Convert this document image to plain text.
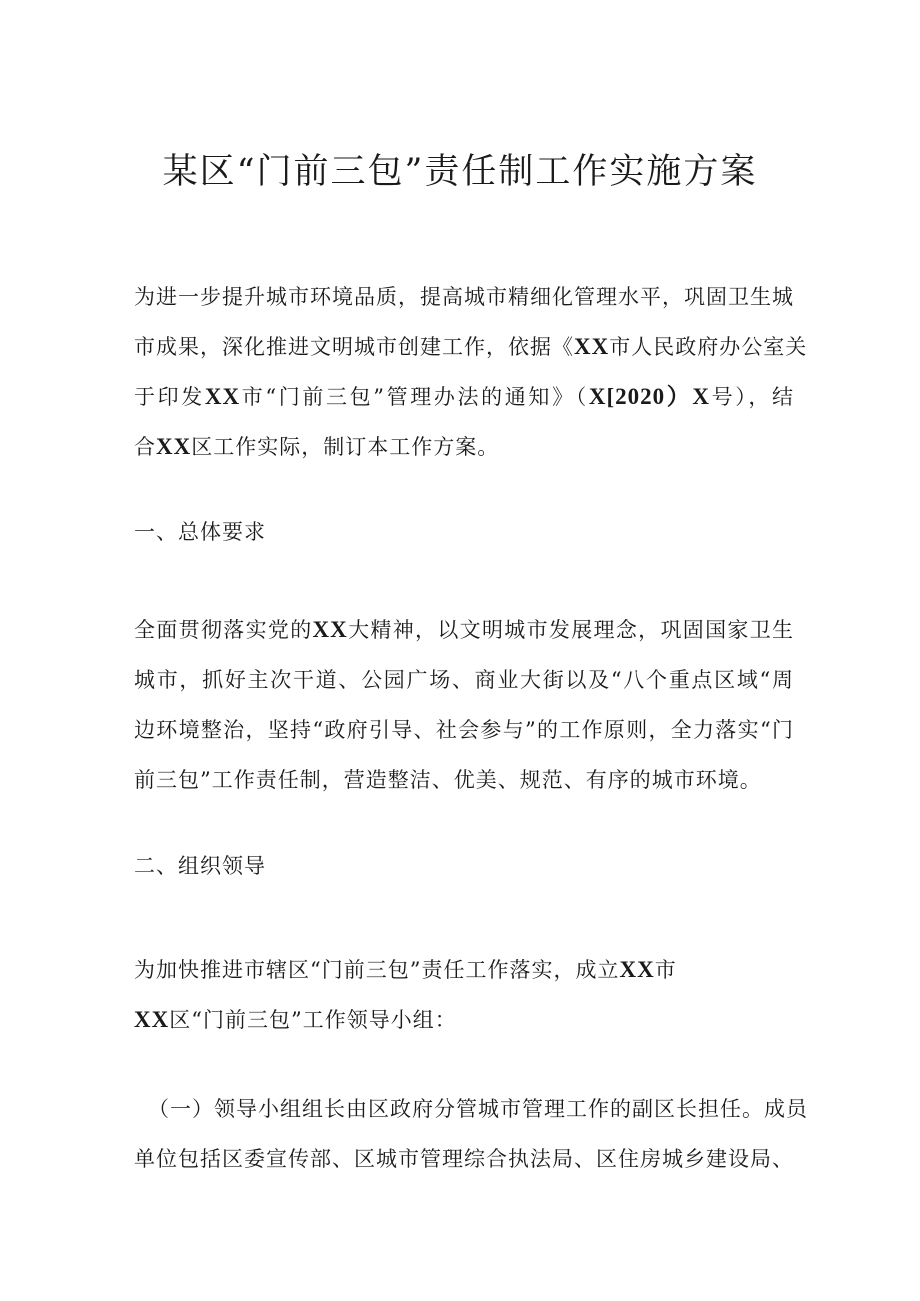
某区“门前三包”责任制工作实施方案
为进一步提升城市环境品质，提高城市精细化管理水平，巩固卫生城
市成果，深化推进文明城市创建工作，依据《XX市人民政府办公室关
于印发XX市“门前三包”管理办法的通知》（X[2020）X号），结
合XX区工作实际，制订本工作方案。
一、总体要求
全面贯彻落实党的XX大精神，以文明城市发展理念，巩固国家卫生
城市，抓好主次干道、公园广场、商业大街以及“八个重点区域“周
边环境整治，坚持“政府引导、社会参与”的工作原则，全力落实“门
前三包”工作责任制，营造整洁、优美、规范、有序的城市环境。
二、组织领导
为加快推进市辖区“门前三包”责任工作落实，成立XX市
XX区“门前三包”工作领导小组：
（一）领导小组组长由区政府分管城市管理工作的副区长担任。成员
单位包括区委宣传部、区城市管理综合执法局、区住房城乡建设局、
